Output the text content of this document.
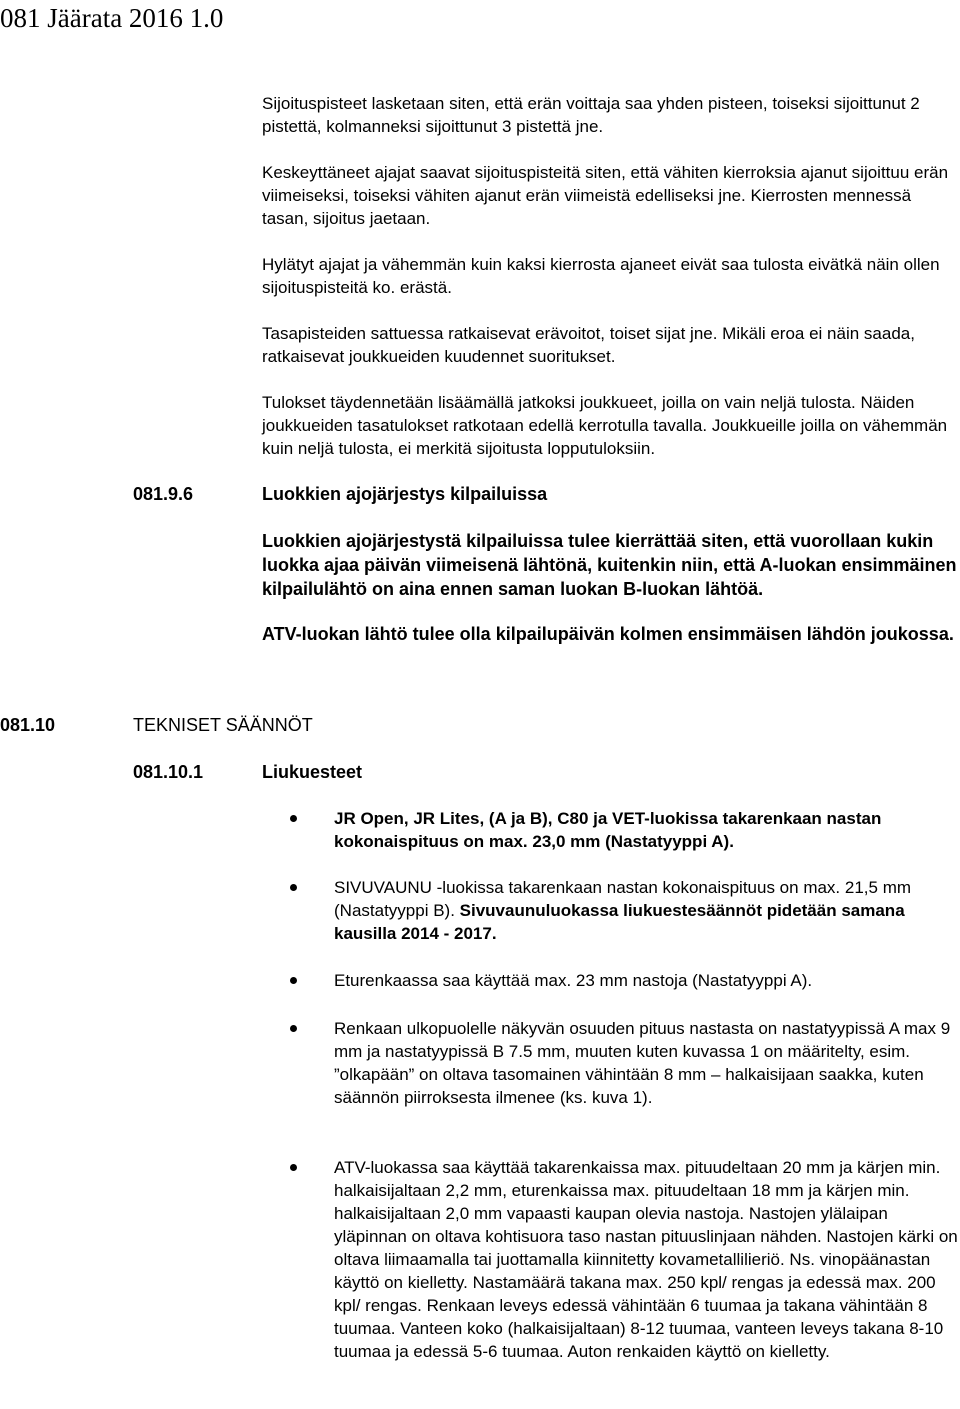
081 Jäärata 2016 1.0

Sijoituspisteet lasketaan siten, että erän voittaja saa yhden pisteen, toiseksi sijoittunut 2 pistettä, kolmanneksi sijoittunut 3 pistettä jne.

Keskeyttäneet ajajat saavat sijoituspisteitä siten, että vähiten kierroksia ajanut sijoittuu erän viimeiseksi, toiseksi vähiten ajanut erän viimeistä edelliseksi jne. Kierrosten mennessä tasan, sijoitus jaetaan.

Hylätyt ajajat ja vähemmän kuin kaksi kierrosta ajaneet eivät saa tulosta eivätkä näin ollen sijoituspisteitä ko. erästä.

Tasapisteiden sattuessa ratkaisevat erävoitot, toiset sijat jne. Mikäli eroa ei näin saada, ratkaisevat joukkueiden kuudennet suoritukset.

Tulokset täydennetään lisäämällä jatkoksi joukkueet, joilla on vain neljä tulosta. Näiden joukkueiden tasatulokset ratkotaan edellä kerrotulla tavalla. Joukkueille joilla on vähemmän kuin neljä tulosta, ei merkitä sijoitusta lopputuloksiin.

081.9.6	Luokkien ajojärjestys kilpailuissa

Luokkien ajojärjestystä kilpailuissa tulee kierrättää siten, että vuorollaan kukin luokka ajaa päivän viimeisenä lähtönä, kuitenkin niin, että A-luokan ensimmäinen kilpailulähtö on aina ennen saman luokan B-luokan lähtöä.

ATV-luokan lähtö tulee olla kilpailupäivän kolmen ensimmäisen lähdön joukossa.

081.10	TEKNISET SÄÄNNÖT
081.10.1	Liukuesteet

JR Open, JR Lites, (A ja B), C80 ja VET-luokissa takarenkaan nastan kokonaispituus on max. 23,0 mm (Nastatyyppi A).

SIVUVAUNU -luokissa takarenkaan nastan kokonaispituus on max. 21,5 mm (Nastatyyppi B). Sivuvaunuluokassa liukuestesäännöt pidetään samana kausilla 2014 - 2017.

Eturenkaassa saa käyttää max. 23 mm nastoja (Nastatyyppi A).

Renkaan ulkopuolelle näkyvän osuuden pituus nastasta on nastatyypissä A max 9 mm ja nastatyypissä B 7.5 mm, muuten kuten kuvassa 1 on määritelty, esim. ”olkapään” on oltava tasomainen vähintään 8 mm – halkaisijaan saakka, kuten säännön piirroksesta ilmenee (ks. kuva 1).

ATV-luokassa saa käyttää takarenkaissa max. pituudeltaan 20 mm ja kärjen min. halkaisijaltaan 2,2 mm, eturenkaissa max. pituudeltaan 18 mm ja kärjen min. halkaisijaltaan 2,0 mm vapaasti kaupan olevia nastoja. Nastojen ylälaipan yläpinnan on oltava kohtisuora taso nastan pituuslinjaan nähden. Nastojen kärki on oltava liimaamalla tai juottamalla kiinnitetty kovametallilieriö. Ns. vinopäänastan käyttö on kielletty. Nastamäärä takana max. 250 kpl/ rengas ja edessä max. 200 kpl/ rengas. Renkaan leveys edessä vähintään 6 tuumaa ja takana vähintään 8 tuumaa. Vanteen koko (halkaisijaltaan) 8-12 tuumaa, vanteen leveys takana 8-10 tuumaa ja edessä 5-6 tuumaa. Auton renkaiden käyttö on kielletty.
